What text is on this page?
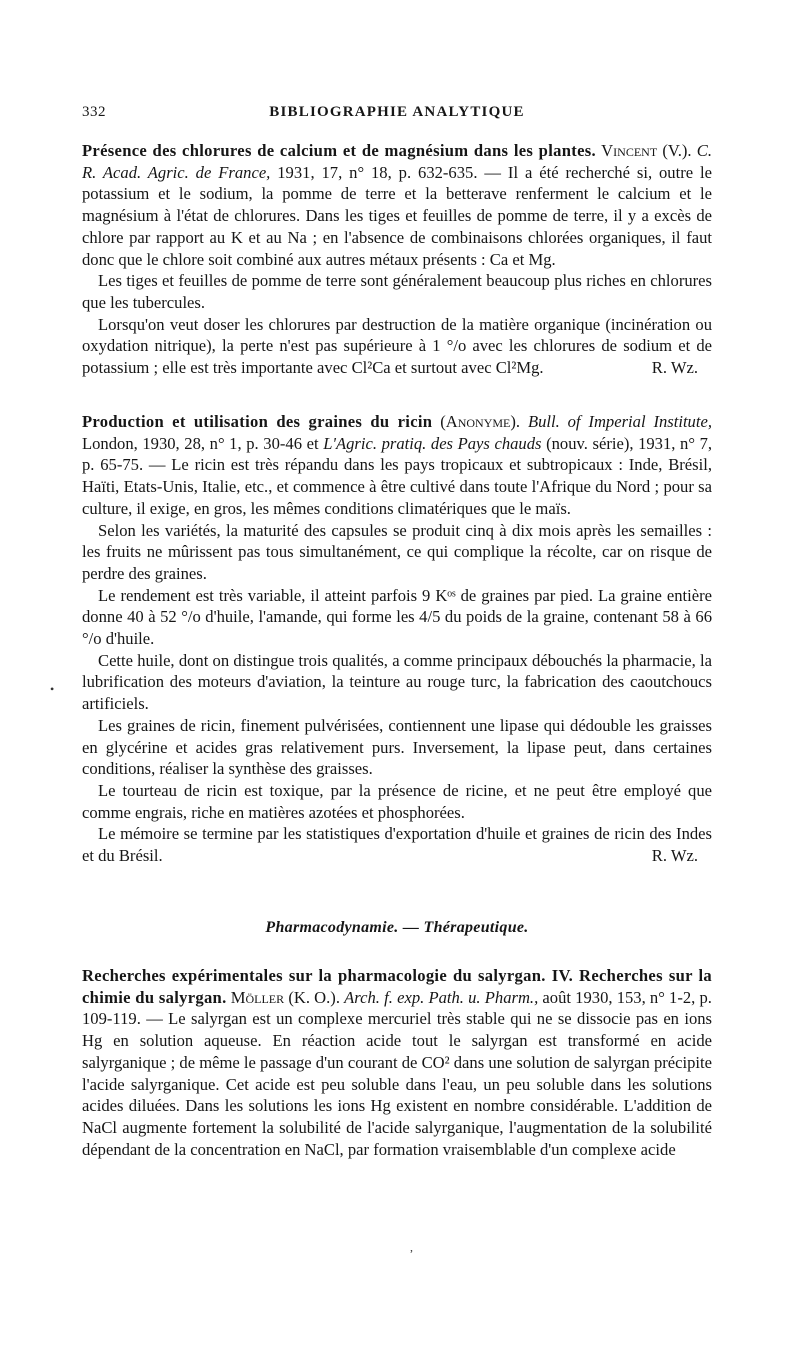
332	BIBLIOGRAPHIE ANALYTIQUE

Présence des chlorures de calcium et de magnésium dans les plantes. Vincent (V.). C. R. Acad. Agric. de France, 1931, 17, n° 18, p. 632-635. — Il a été recherché si, outre le potassium et le sodium, la pomme de terre et la betterave renferment le calcium et le magnésium à l'état de chlorures. Dans les tiges et feuilles de pomme de terre, il y a excès de chlore par rapport au K et au Na ; en l'absence de combinaisons chlorées organiques, il faut donc que le chlore soit combiné aux autres métaux présents : Ca et Mg.

Les tiges et feuilles de pomme de terre sont généralement beaucoup plus riches en chlorures que les tubercules.

Lorsqu'on veut doser les chlorures par destruction de la matière organique (incinération ou oxydation nitrique), la perte n'est pas supérieure à 1 °/o avec les chlorures de sodium et de potassium ; elle est très importante avec Cl²Ca et surtout avec Cl²Mg.	R. Wz.

Production et utilisation des graines du ricin (Anonyme). Bull. of Imperial Institute, London, 1930, 28, n° 1, p. 30-46 et L'Agric. pratiq. des Pays chauds (nouv. série), 1931, n° 7, p. 65-75. — Le ricin est très répandu dans les pays tropicaux et subtropicaux : Inde, Brésil, Haïti, Etats-Unis, Italie, etc., et commence à être cultivé dans toute l'Afrique du Nord ; pour sa culture, il exige, en gros, les mêmes conditions climatériques que le maïs.

Selon les variétés, la maturité des capsules se produit cinq à dix mois après les semailles : les fruits ne mûrissent pas tous simultanément, ce qui complique la récolte, car on risque de perdre des graines.

Le rendement est très variable, il atteint parfois 9 Kᵒˢ de graines par pied. La graine entière donne 40 à 52 °/o d'huile, l'amande, qui forme les 4/5 du poids de la graine, contenant 58 à 66 °/o d'huile.

Cette huile, dont on distingue trois qualités, a comme principaux débouchés la pharmacie, la lubrification des moteurs d'aviation, la teinture au rouge turc, la fabrication des caoutchoucs artificiels.

Les graines de ricin, finement pulvérisées, contiennent une lipase qui dédouble les graisses en glycérine et acides gras relativement purs. Inversement, la lipase peut, dans certaines conditions, réaliser la synthèse des graisses.

Le tourteau de ricin est toxique, par la présence de ricine, et ne peut être employé que comme engrais, riche en matières azotées et phosphorées.

Le mémoire se termine par les statistiques d'exportation d'huile et graines de ricin des Indes et du Brésil.	R. Wz.

Pharmacodynamie. — Thérapeutique.

Recherches expérimentales sur la pharmacologie du salyrgan. IV. Recherches sur la chimie du salyrgan. Möller (K. O.). Arch. f. exp. Path. u. Pharm., août 1930, 153, n° 1-2, p. 109-119. — Le salyrgan est un complexe mercuriel très stable qui ne se dissocie pas en ions Hg en solution aqueuse. En réaction acide tout le salyrgan est transformé en acide salyrganique ; de même le passage d'un courant de CO² dans une solution de salyrgan précipite l'acide salyrganique. Cet acide est peu soluble dans l'eau, un peu soluble dans les solutions acides diluées. Dans les solutions les ions Hg existent en nombre considérable. L'addition de NaCl augmente fortement la solubilité de l'acide salyrganique, l'augmentation de la solubilité dépendant de la concentration en NaCl, par formation vraisemblable d'un complexe acide

•
,
